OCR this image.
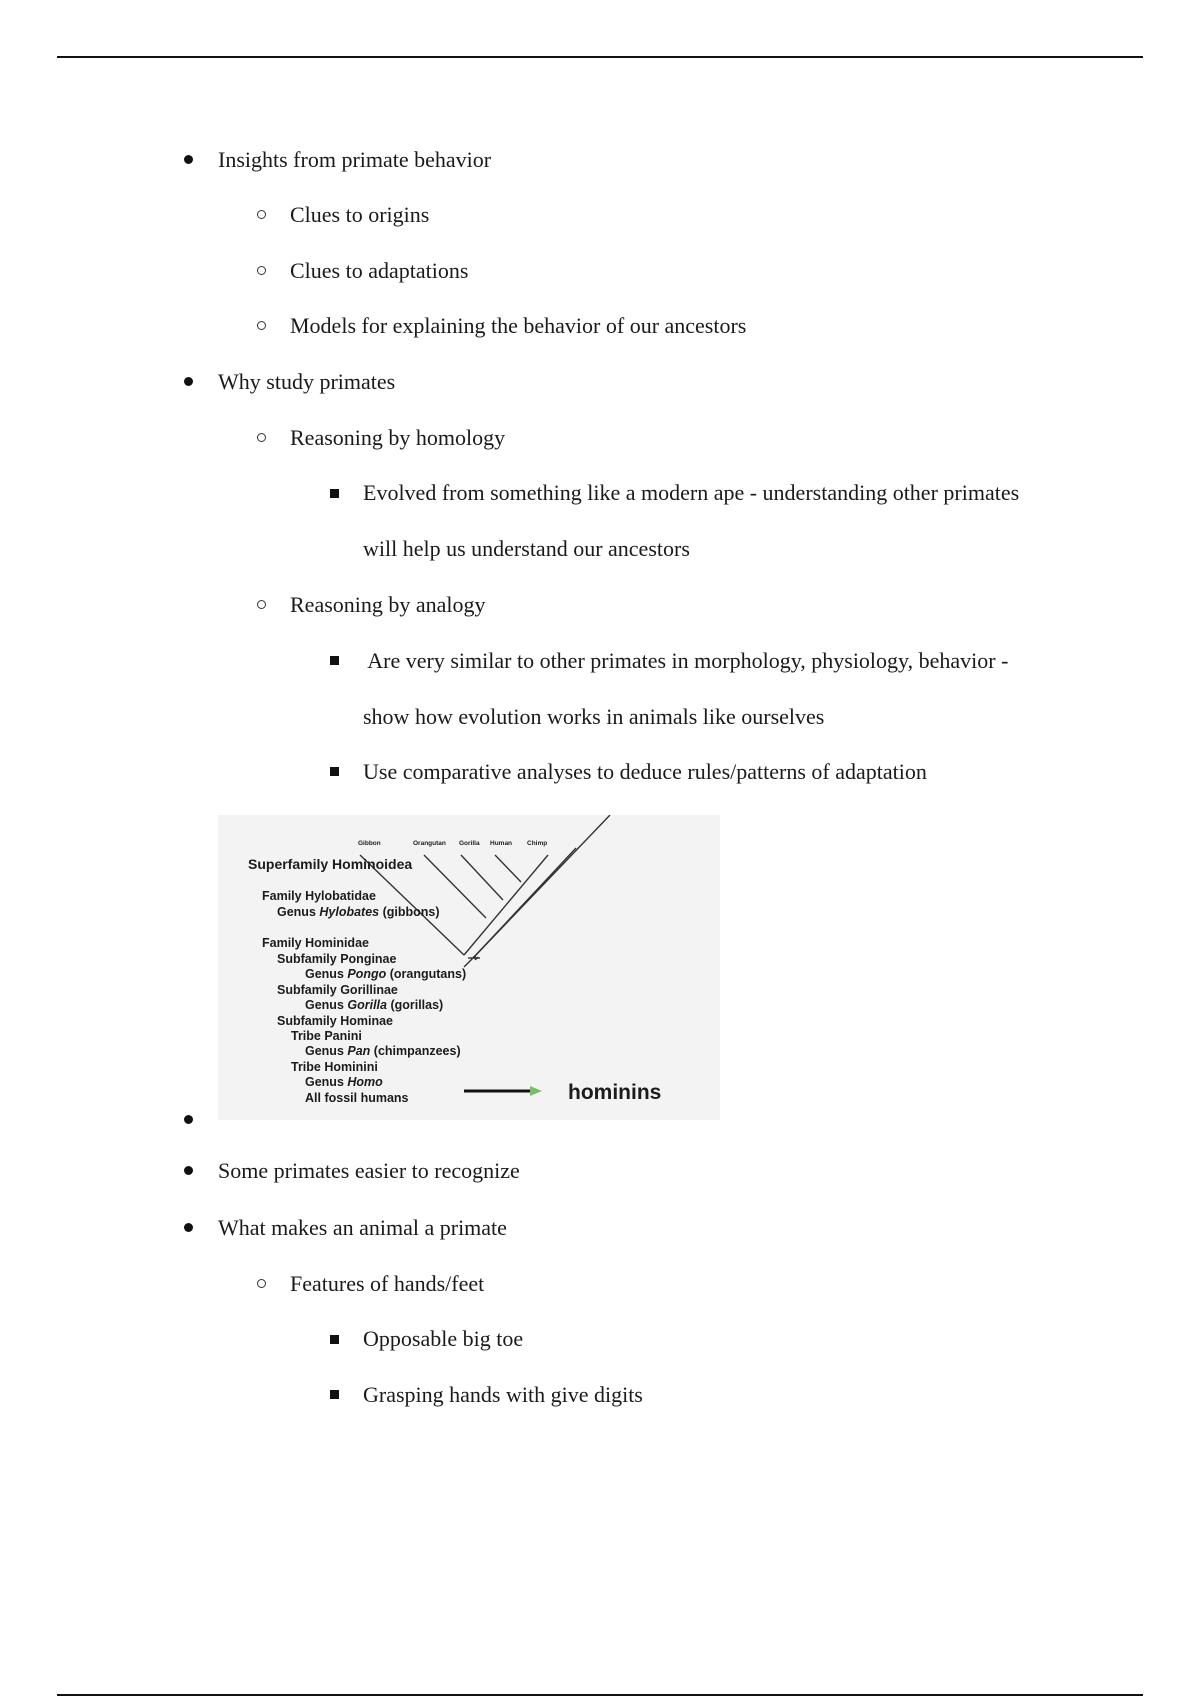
Insights from primate behavior
Clues to origins
Clues to adaptations
Models for explaining the behavior of our ancestors
Why study primates
Reasoning by homology
Evolved from something like a modern ape - understanding other primates
will help us understand our ancestors
Reasoning by analogy
Are very similar to other primates in morphology, physiology, behavior -
show how evolution works in animals like ourselves
Use comparative analyses to deduce rules/patterns of adaptation
Gibbon	Orangutan Gorilla Human Chimp
Superfamily Hominoidea
Family Hylobatidae
Genus Hylobates (gibbons)
Family Hominidae
Subfamily Ponginae
Genus Pongo (orangutans)
Subfamily Gorillinae
Genus Gorilla (gorillas)
Subfamily Hominae
Tribe Panini
Genus Pan (chimpanzees)
Tribe Hominini
Genus Homo
All fossil humans	hominins
Some primates easier to recognize
What makes an animal a primate
Features of hands/feet
Opposable big toe
Grasping hands with give digits
